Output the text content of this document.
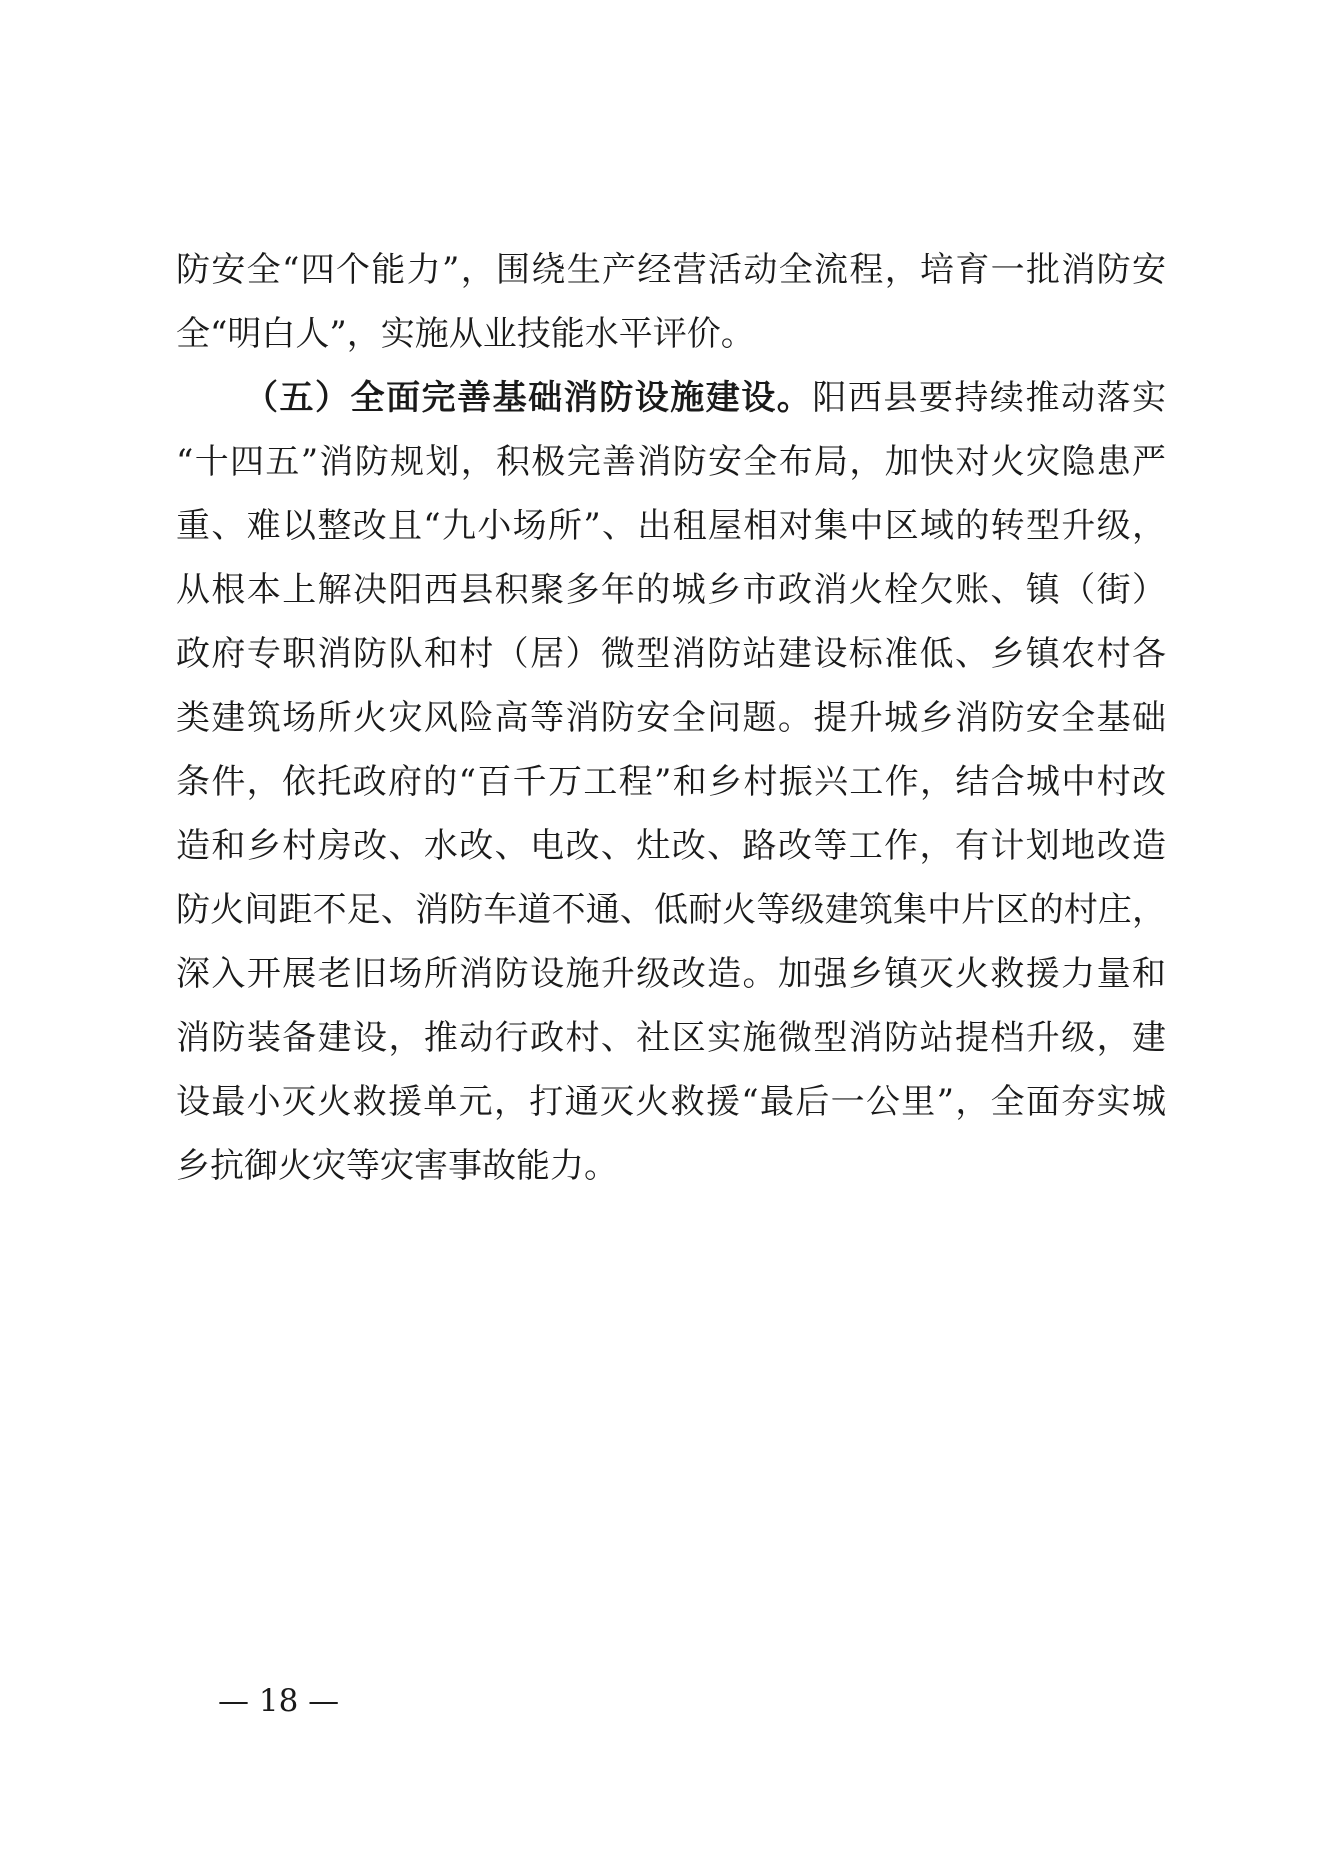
防安全“四个能力”，围绕生产经营活动全流程，培育一批消防安
全“明白人”，实施从业技能水平评价。
（五）全面完善基础消防设施建设。阳西县要持续推动落实
“十四五”消防规划，积极完善消防安全布局，加快对火灾隐患严
重、难以整改且“九小场所”、出租屋相对集中区域的转型升级，
从根本上解决阳西县积聚多年的城乡市政消火栓欠账、镇（街）
政府专职消防队和村（居）微型消防站建设标准低、乡镇农村各
类建筑场所火灾风险高等消防安全问题。提升城乡消防安全基础
条件，依托政府的“百千万工程”和乡村振兴工作，结合城中村改
造和乡村房改、水改、电改、灶改、路改等工作，有计划地改造
防火间距不足、消防车道不通、低耐火等级建筑集中片区的村庄，
深入开展老旧场所消防设施升级改造。加强乡镇灭火救援力量和
消防装备建设，推动行政村、社区实施微型消防站提档升级，建
设最小灭火救援单元，打通灭火救援“最后一公里”，全面夯实城
乡抗御火灾等灾害事故能力。
— 18 —
